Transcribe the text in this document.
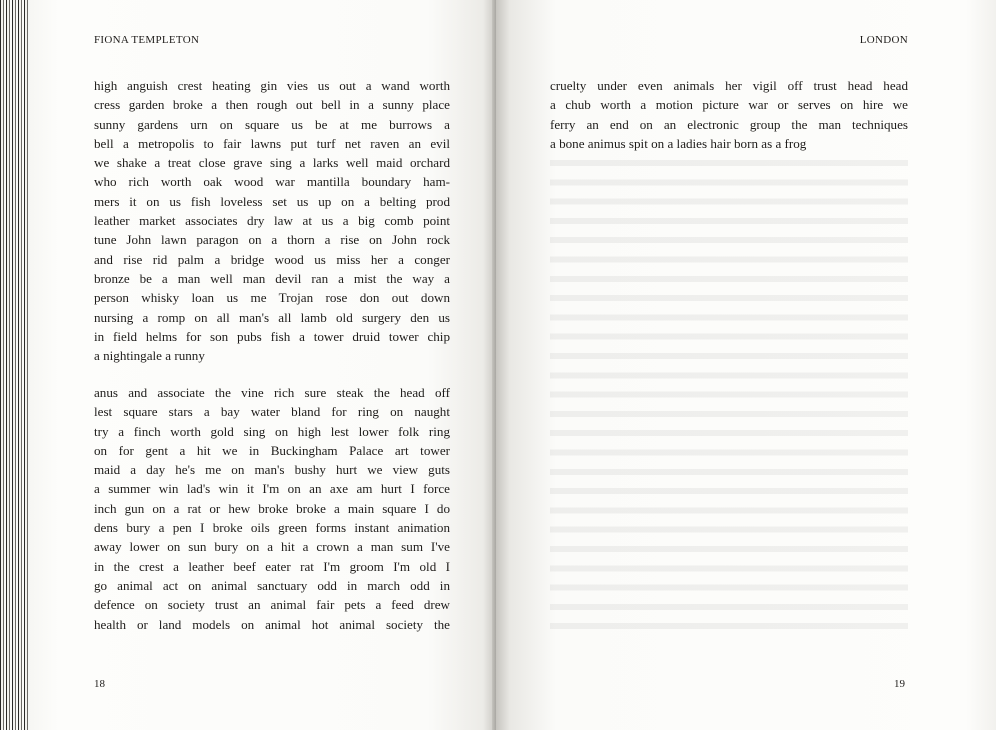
FIONA TEMPLETON

high anguish crest heating gin vies us out a wand worth
cress garden broke a then rough out bell in a sunny place
sunny gardens urn on square us be at me burrows a
bell a metropolis to fair lawns put turf net raven an evil
we shake a treat close grave sing a larks well maid orchard
who rich worth oak wood war mantilla boundary ham-
mers it on us fish loveless set us up on a belting prod
leather market associates dry law at us a big comb point
tune John lawn paragon on a thorn a rise on John rock
and rise rid palm a bridge wood us miss her a conger
bronze be a man well man devil ran a mist the way a
person whisky loan us me Trojan rose don out down
nursing a romp on all man's all lamb old surgery den us
in field helms for son pubs fish a tower druid tower chip
a nightingale a runny
anus and associate the vine rich sure steak the head off
lest square stars a bay water bland for ring on naught
try a finch worth gold sing on high lest lower folk ring
on for gent a hit we in Buckingham Palace art tower
maid a day he's me on man's bushy hurt we view guts
a summer win lad's win it I'm on an axe am hurt I force
inch gun on a rat or hew broke broke a main square I do
dens bury a pen I broke oils green forms instant animation
away lower on sun bury on a hit a crown a man sum I've
in the crest a leather beef eater rat I'm groom I'm old I
go animal act on animal sanctuary odd in march odd in
defence on society trust an animal fair pets a feed drew
health or land models on animal hot animal society the

18

LONDON

cruelty under even animals her vigil off trust head head
a chub worth a motion picture war or serves on hire we
ferry an end on an electronic group the man techniques
a bone animus spit on a ladies hair born as a frog

19
